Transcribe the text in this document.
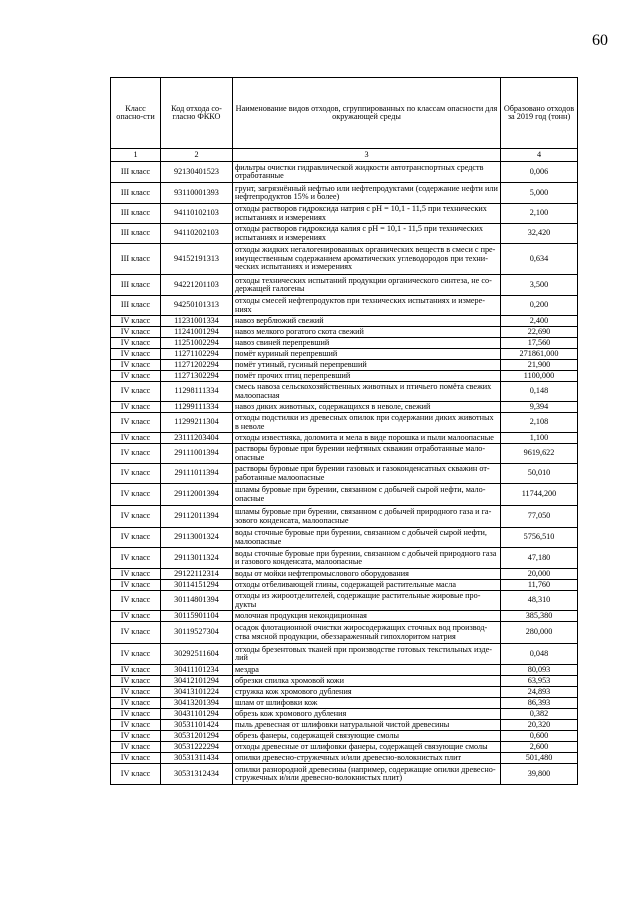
60
Класс опасно-сти	Код отхода со-гласно ФККО	Наименование видов отходов, сгруппированных по классам опасности для окружающей среды	Образовано отходов за 2019 год (тонн)
1	2	3	4
III класс	92130401523	фильтры очистки гидравлической жидкости автотранспортных средств отработанные	0,006
III класс	93110001393	грунт, загрязнённый нефтью или нефтепродуктами (содержание нефти или нефтепродуктов 15% и более)	5,000
III класс	94110102103	отходы растворов гидроксида натрия с pH = 10,1 - 11,5 при технических испытаниях и измерениях	2,100
III класс	94110202103	отходы растворов гидроксида калия с pH = 10,1 - 11,5 при технических испытаниях и измерениях	32,420
III класс	94152191313	отходы жидких негалогенированных органических веществ в смеси с пре-имущественным содержанием ароматических углеводородов при техни-ческих испытаниях и измерениях	0,634
III класс	94221201103	отходы технических испытаний продукции органического синтеза, не со-держащей галогены	3,500
III класс	94250101313	отходы смесей нефтепродуктов при технических испытаниях и измере-ниях	0,200
IV класс	11231001334	навоз верблюжий свежий	2,400
IV класс	11241001294	навоз мелкого рогатого скота свежий	22,690
IV класс	11251002294	навоз свиней перепревший	17,560
IV класс	11271102294	помёт куриный перепревший	271861,000
IV класс	11271202294	помёт утиный, гусиный перепревший	21,900
IV класс	11271302294	помёт прочих птиц перепревший	1100,000
IV класс	11298111334	смесь навоза сельскохозяйственных животных и птичьего помёта свежих малоопасная	0,148
IV класс	11299111334	навоз диких животных, содержащихся в неволе, свежий	9,394
IV класс	11299211304	отходы подстилки из древесных опилок при содержании диких животных в неволе	2,108
IV класс	23111203404	отходы известняка, доломита и мела в виде порошка и пыли малоопасные	1,100
IV класс	29111001394	растворы буровые при бурении нефтяных скважин отработанные мало-опасные	9619,622
IV класс	29111011394	растворы буровые при бурении газовых и газоконденсатных скважин от-работанные малоопасные	50,010
IV класс	29112001394	шламы буровые при бурении, связанном с добычей сырой нефти, мало-опасные	11744,200
IV класс	29112011394	шламы буровые при бурении, связанном с добычей природного газа и га-зового конденсата, малоопасные	77,050
IV класс	29113001324	воды сточные буровые при бурении, связанном с добычей сырой нефти, малоопасные	5756,510
IV класс	29113011324	воды сточные буровые при бурении, связанном с добычей природного газа и газового конденсата, малоопасные	47,180
IV класс	29122112314	воды от мойки нефтепромыслового оборудования	20,000
IV класс	30114151294	отходы отбеливающей глины, содержащей растительные масла	11,760
IV класс	30114801394	отходы из жироотделителей, содержащие растительные жировые про-дукты	48,310
IV класс	30115901104	молочная продукция некондиционная	385,380
IV класс	30119527304	осадок флотационной очистки жиросодержащих сточных вод производ-ства мясной продукции, обеззараженный гипохлоритом натрия	280,000
IV класс	30292511604	отходы брезентовых тканей при производстве готовых текстильных изде-лий	0,048
IV класс	30411101234	мездра	80,093
IV класс	30412101294	обрезки спилка хромовой кожи	63,953
IV класс	30413101224	стружка кож хромового дубления	24,893
IV класс	30413201394	шлам от шлифовки кож	86,393
IV класс	30431101294	обрезь кож хромового дубления	0,382
IV класс	30531101424	пыль древесная от шлифовки натуральной чистой древесины	20,320
IV класс	30531201294	обрезь фанеры, содержащей связующие смолы	0,600
IV класс	30531222294	отходы древесные от шлифовки фанеры, содержащей связующие смолы	2,600
IV класс	30531311434	опилки древесно-стружечных и/или древесно-волокнистых плит	501,480
IV класс	30531312434	опилки разнородной древесины (например, содержащие опилки древесно-стружечных и/или древесно-волокнистых плит)	39,800
